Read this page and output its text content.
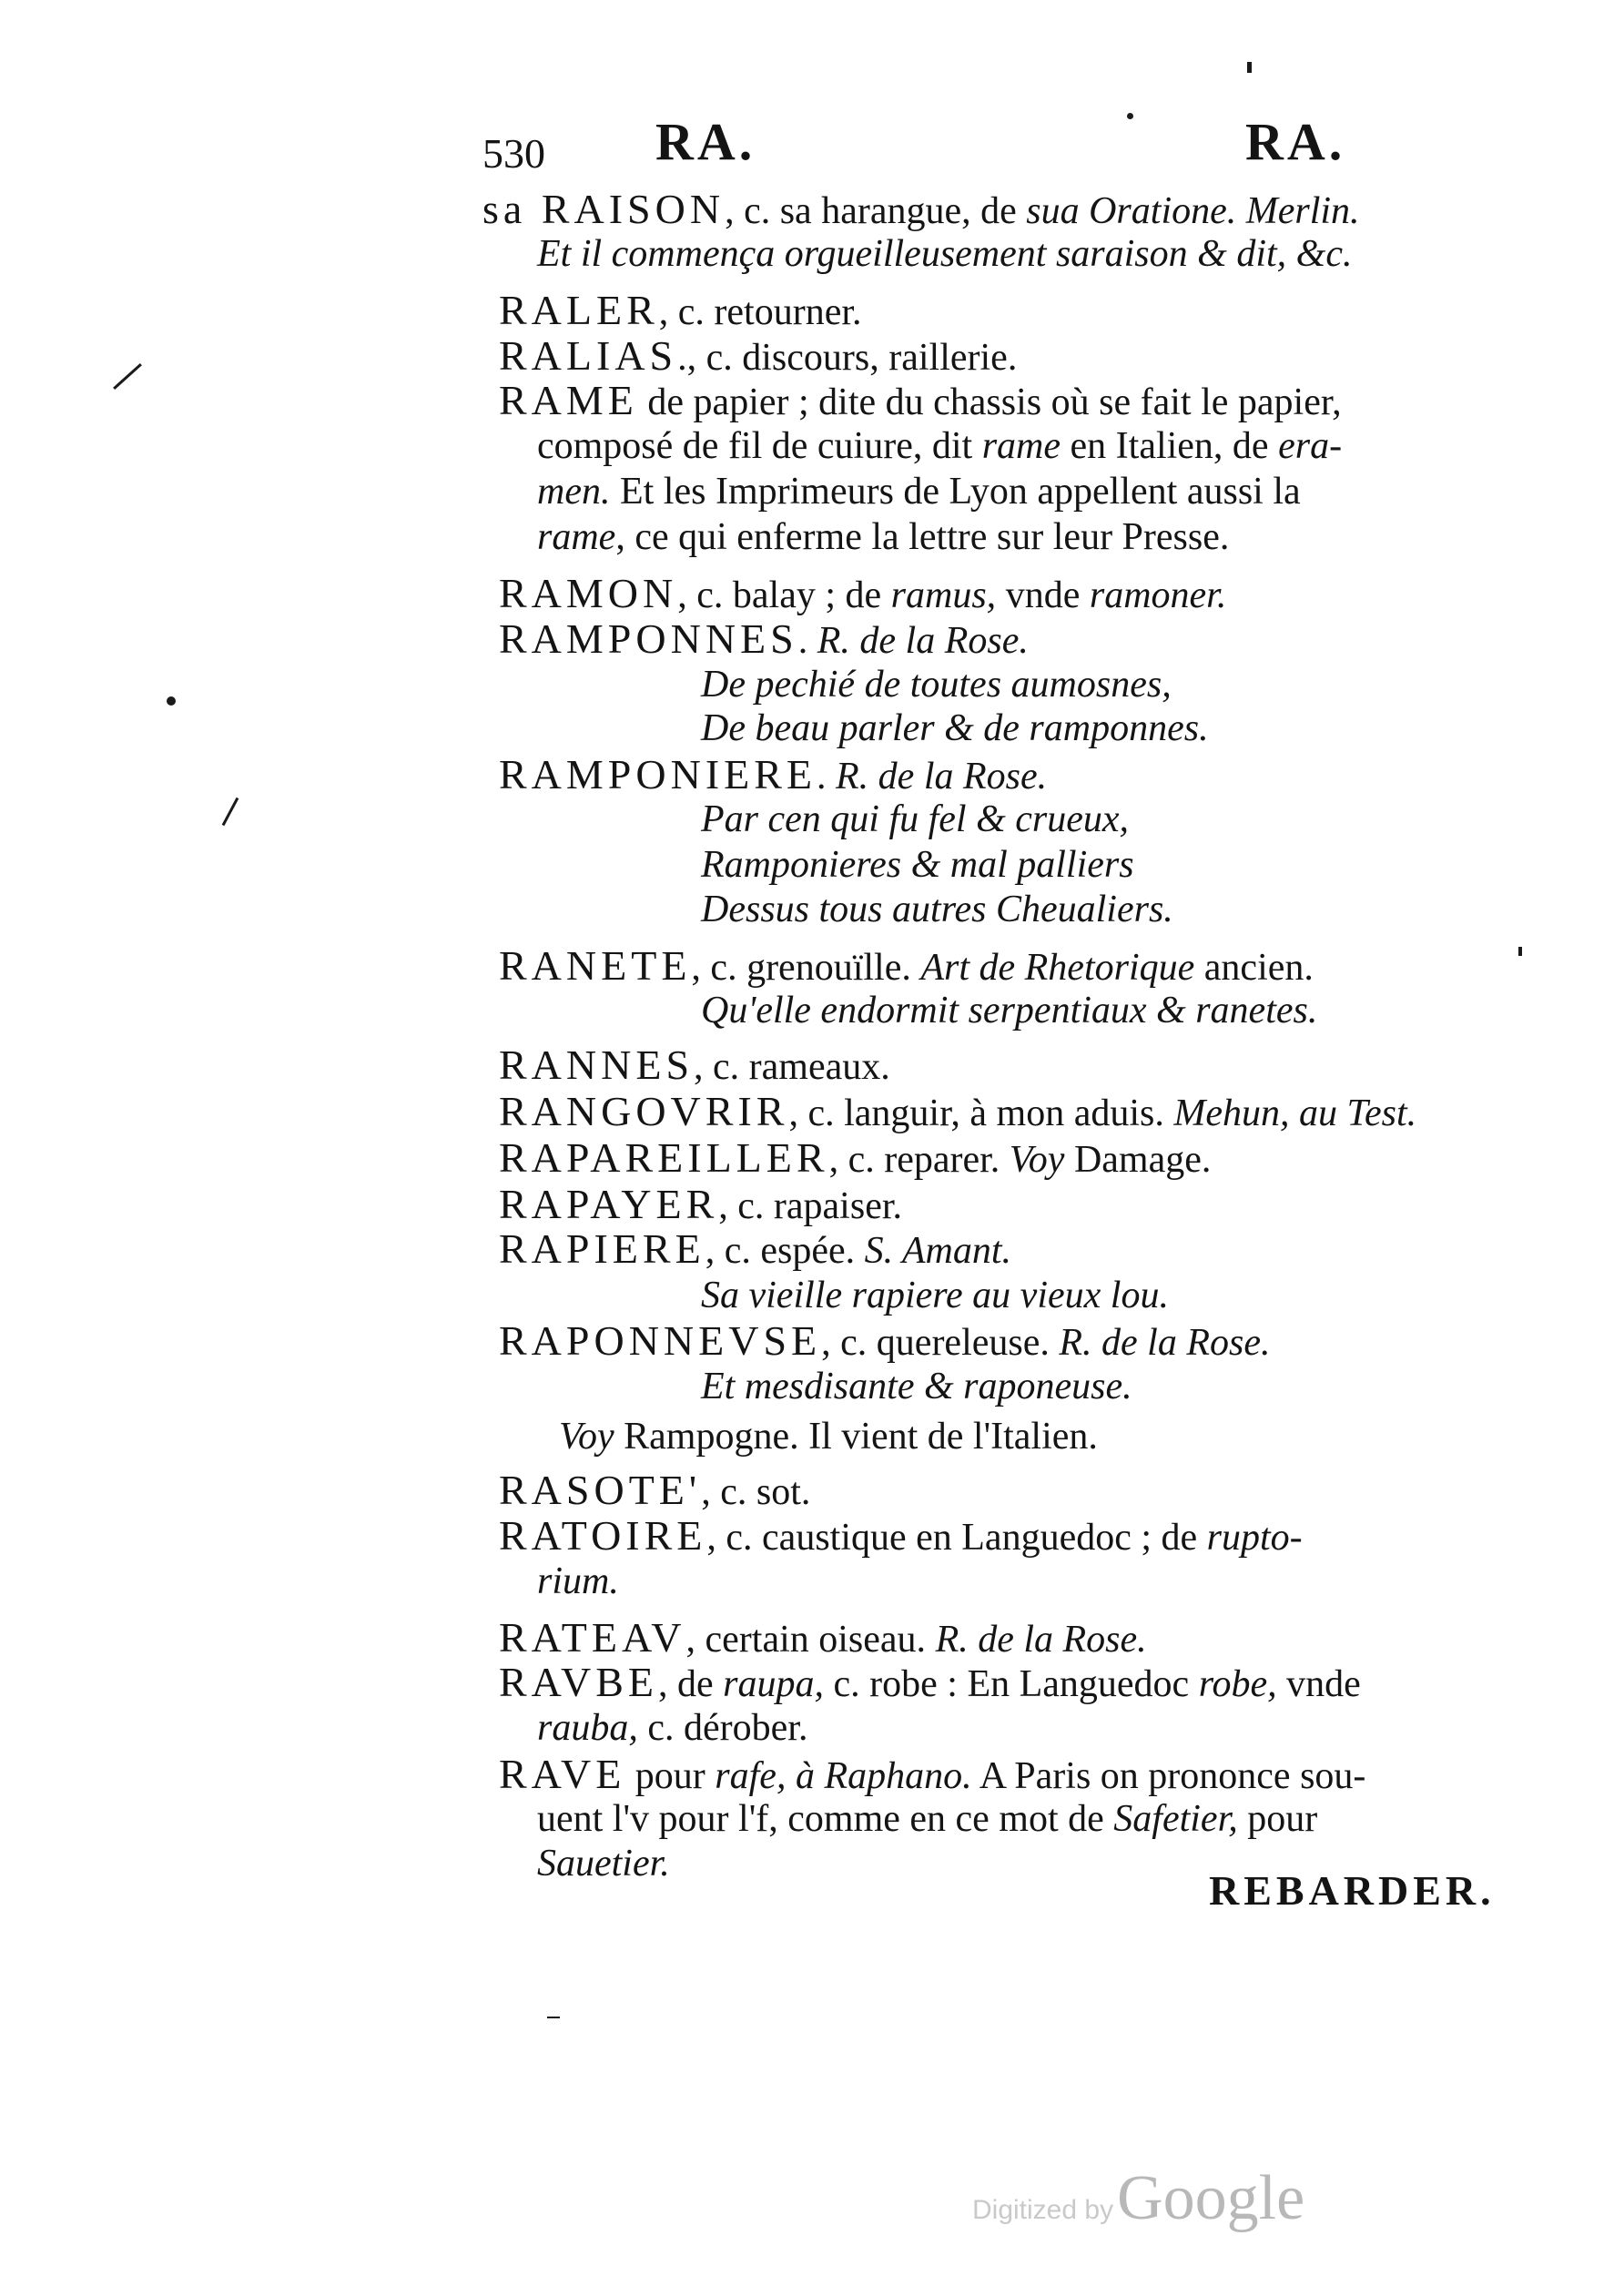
530 RA.	RA.
sa RAISON, c. sa harangue, de sua Oratione. Merlin.
Et il commença orgueilleusement saraison & dit, &c.
RALER, c. retourner.
RALIAS., c. discours, raillerie.
RAME de papier ; dite du chassis où se fait le papier,
composé de fil de cuiure, dit rame en Italien, de era-
men. Et les Imprimeurs de Lyon appellent aussi la
rame, ce qui enferme la lettre sur leur Presse.
RAMON, c. balay ; de ramus, vnde ramoner.
RAMPONNES. R. de la Rose.
De pechié de toutes aumosnes,
De beau parler & de ramponnes.
RAMPONIERE. R. de la Rose.
Par cen qui fu fel & crueux,
Ramponieres & mal palliers
Dessus tous autres Cheualiers.
RANETE, c. grenouïlle. Art de Rhetorique ancien.
Qu'elle endormit serpentiaux & ranetes.
RANNES, c. rameaux.
RANGOVRIR, c. languir, à mon aduis. Mehun, au Test.
RAPAREILLER, c. reparer. Voy Damage.
RAPAYER, c. rapaiser.
RAPIERE, c. espée. S. Amant.
Sa vieille rapiere au vieux lou.
RAPONNEVSE, c. quereleuse. R. de la Rose.
Et mesdisante & raponeuse.
Voy Rampogne. Il vient de l'Italien.
RASOTE', c. sot.
RATOIRE, c. caustique en Languedoc ; de rupto-
rium.
RATEAV, certain oiseau. R. de la Rose.
RAVBE, de raupa, c. robe : En Languedoc robe, vnde
rauba, c. dérober.
RAVE pour rafe, à Raphano. A Paris on prononce sou-
uent l'v pour l'f, comme en ce mot de Safetier, pour
Sauetier.
REBARDER.
Digitized by Google
